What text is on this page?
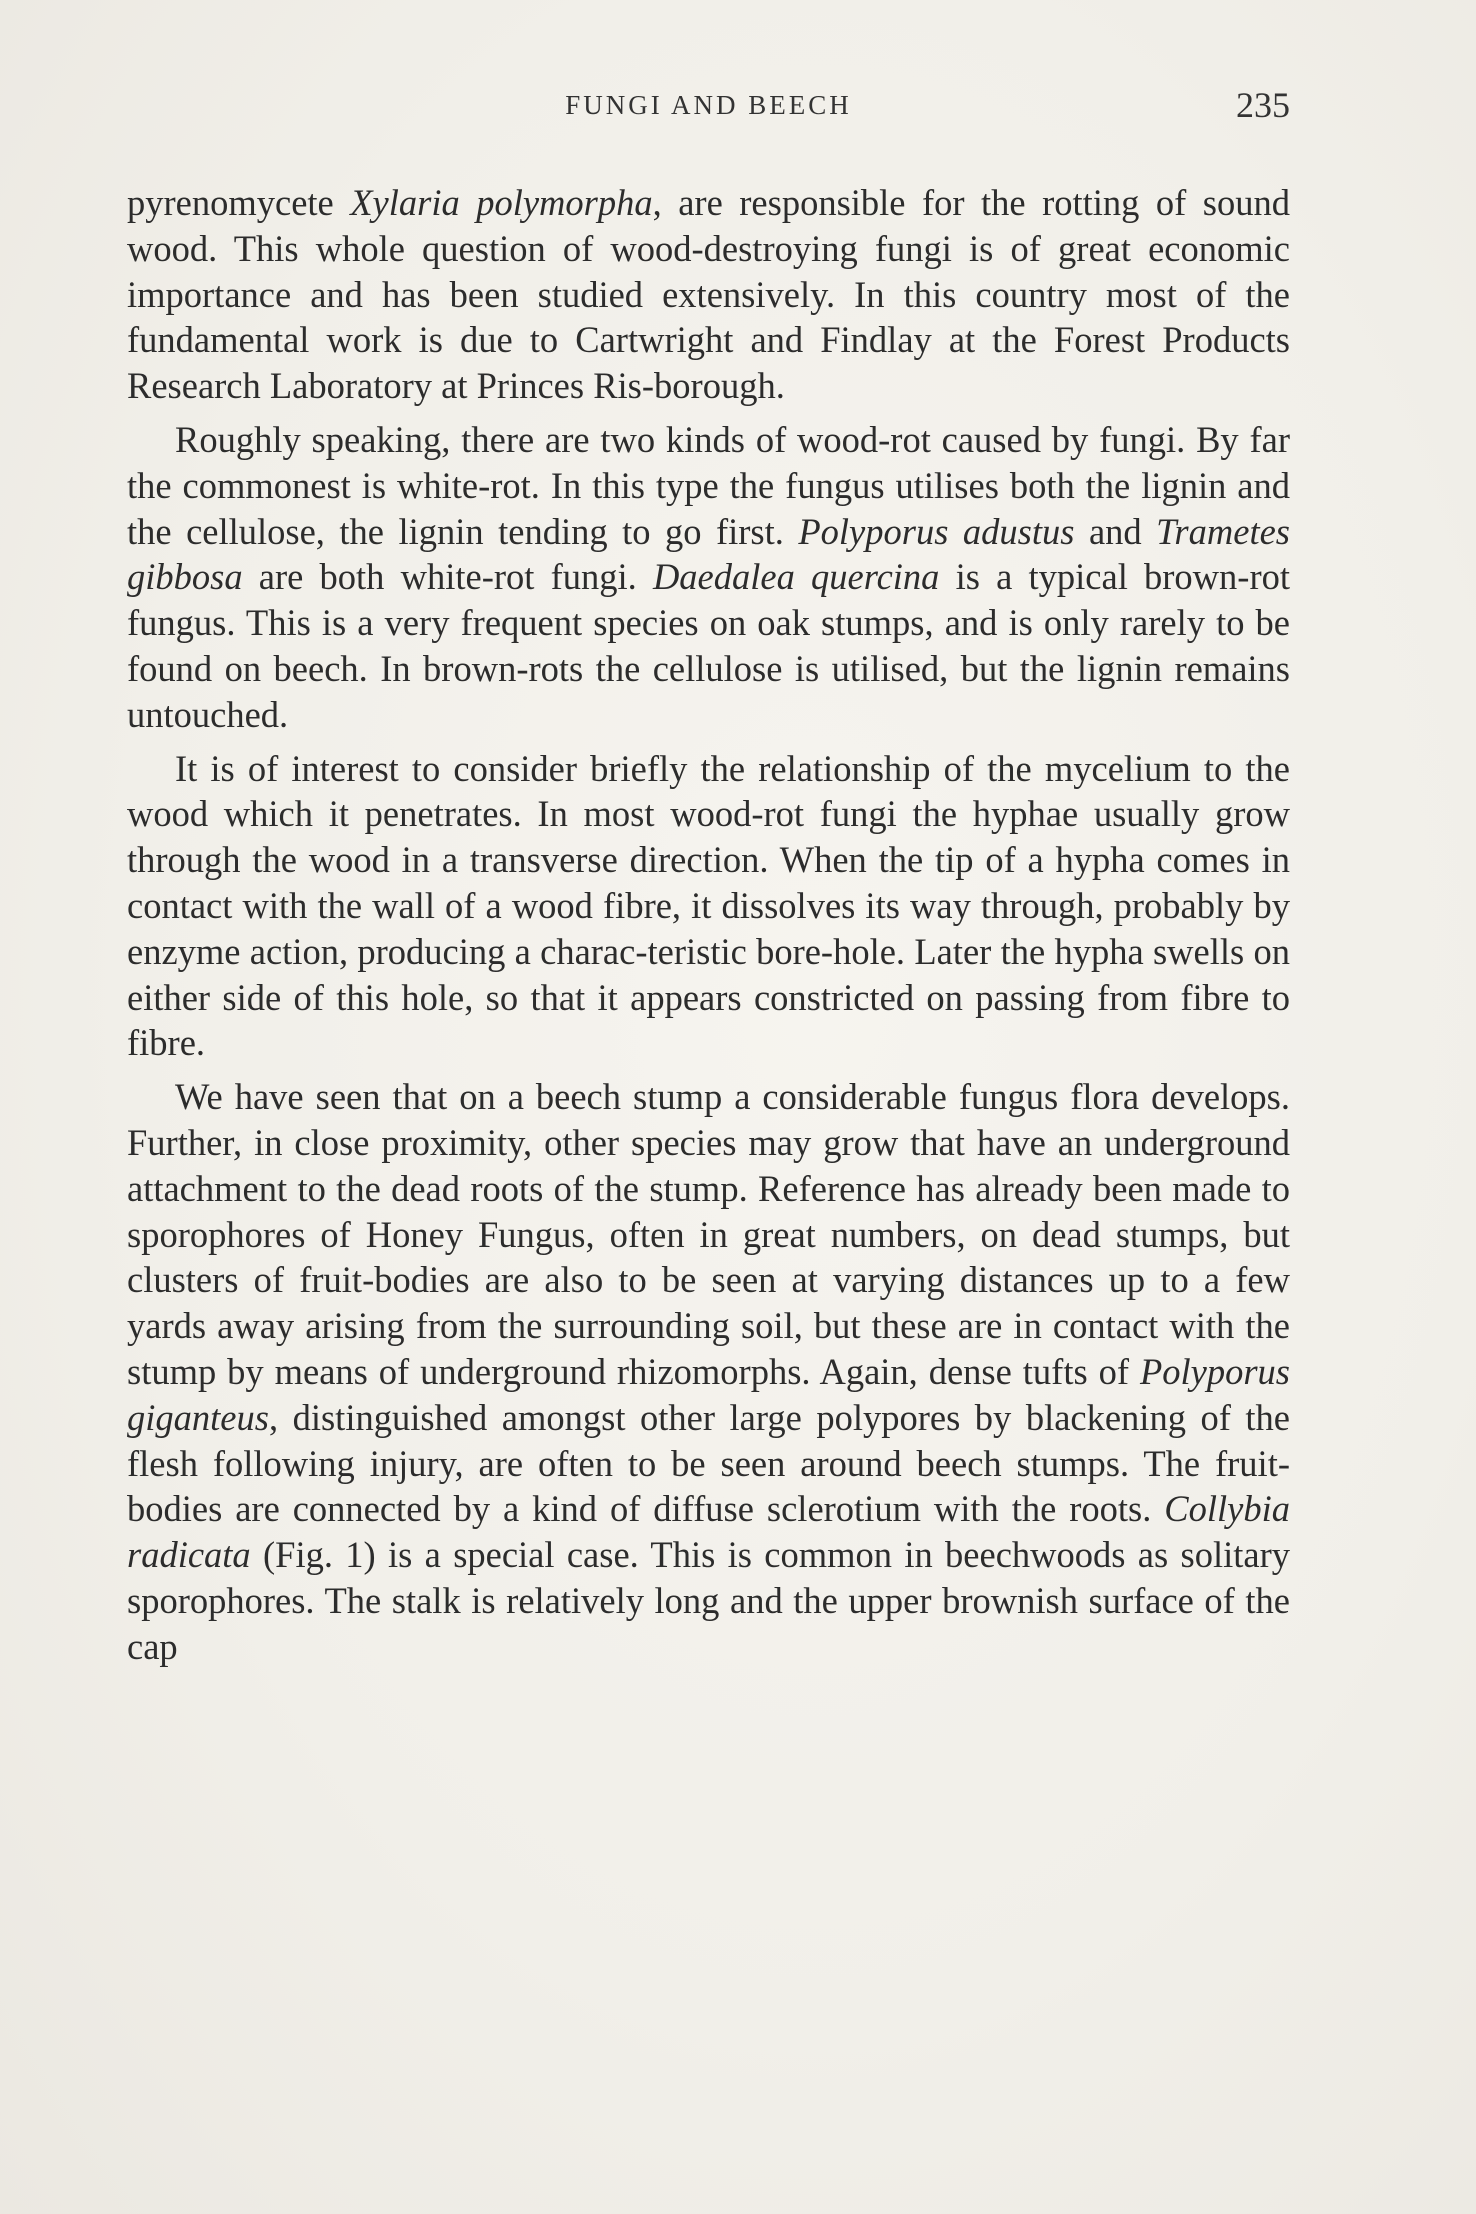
FUNGI AND BEECH	235

pyrenomycete Xylaria polymorpha, are responsible for the rotting of sound wood. This whole question of wood-destroying fungi is of great economic importance and has been studied extensively. In this country most of the fundamental work is due to Cartwright and Findlay at the Forest Products Research Laboratory at Princes Ris-borough.

Roughly speaking, there are two kinds of wood-rot caused by fungi. By far the commonest is white-rot. In this type the fungus utilises both the lignin and the cellulose, the lignin tending to go first. Polyporus adustus and Trametes gibbosa are both white-rot fungi. Daedalea quercina is a typical brown-rot fungus. This is a very frequent species on oak stumps, and is only rarely to be found on beech. In brown-rots the cellulose is utilised, but the lignin remains untouched.

It is of interest to consider briefly the relationship of the mycelium to the wood which it penetrates. In most wood-rot fungi the hyphae usually grow through the wood in a transverse direction. When the tip of a hypha comes in contact with the wall of a wood fibre, it dissolves its way through, probably by enzyme action, producing a charac-teristic bore-hole. Later the hypha swells on either side of this hole, so that it appears constricted on passing from fibre to fibre.

We have seen that on a beech stump a considerable fungus flora develops. Further, in close proximity, other species may grow that have an underground attachment to the dead roots of the stump. Reference has already been made to sporophores of Honey Fungus, often in great numbers, on dead stumps, but clusters of fruit-bodies are also to be seen at varying distances up to a few yards away arising from the surrounding soil, but these are in contact with the stump by means of underground rhizomorphs. Again, dense tufts of Polyporus giganteus, distinguished amongst other large polypores by blackening of the flesh following injury, are often to be seen around beech stumps. The fruit-bodies are connected by a kind of diffuse sclerotium with the roots. Collybia radicata (Fig. 1) is a special case. This is common in beechwoods as solitary sporophores. The stalk is relatively long and the upper brownish surface of the cap
